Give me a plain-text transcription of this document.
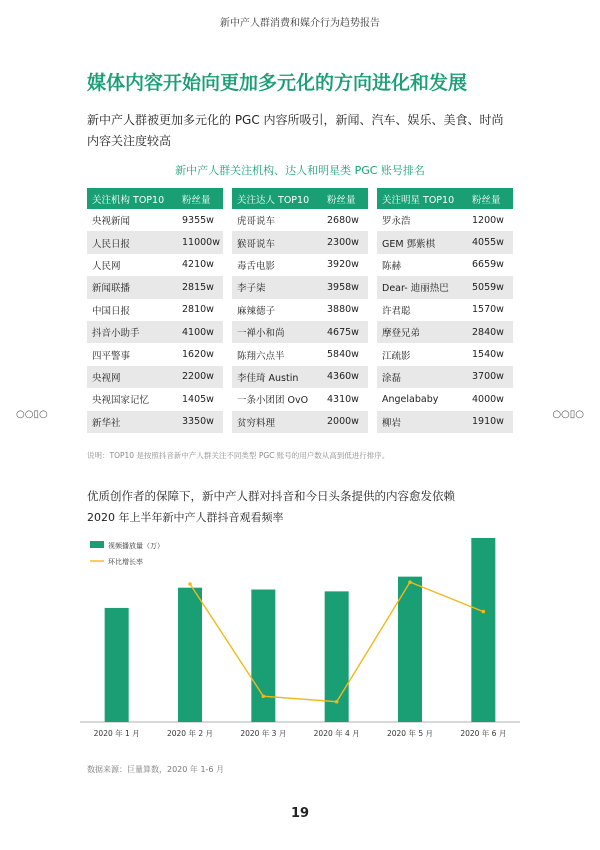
新中产人群消费和媒介行为趋势报告
○○▯○	○○▯○
媒体内容开始向更加多元化的方向进化和发展
新中产人群被更加多元化的 PGC 内容所吸引，新闻、汽车、娱乐、美食、时尚内容关注度较高
新中产人群关注机构、达人和明星类 PGC 账号排名
关注机构 TOP10	粉丝量
央视新闻	9355w
人民日报	11000w
人民网	4210w
新闻联播	2815w
中国日报	2810w
抖音小助手	4100w
四平警事	1620w
央视网	2200w
央视国家记忆	1405w
新华社	3350w
关注达人 TOP10	粉丝量
虎哥说车	2680w
猴哥说车	2300w
毒舌电影	3920w
李子柒	3958w
麻辣德子	3880w
一禅小和尚	4675w
陈翔六点半	5840w
李佳琦 Austin	4360w
一条小团团 OvO	4310w
贫穷料理	2000w
关注明星 TOP10	粉丝量
罗永浩	1200w
GEM 鄧紫棋	4055w
陈赫	6659w
Dear- 迪丽热巴	5059w
许君聪	1570w
摩登兄弟	2840w
江疏影	1540w
涂磊	3700w
Angelababy	4000w
柳岩	1910w
说明：TOP10 是按照抖音新中产人群关注不同类型 PGC 账号的用户数从高到低进行排序。
优质创作者的保障下，新中产人群对抖音和今日头条提供的内容愈发依赖
2020 年上半年新中产人群抖音观看频率
2020 年 1 月	2020 年 2 月	2020 年 3 月	2020 年 4 月	2020 年 5 月	2020 年 6 月
视频播放量（万）
环比增长率
数据来源：巨量算数，2020 年 1-6 月
19
